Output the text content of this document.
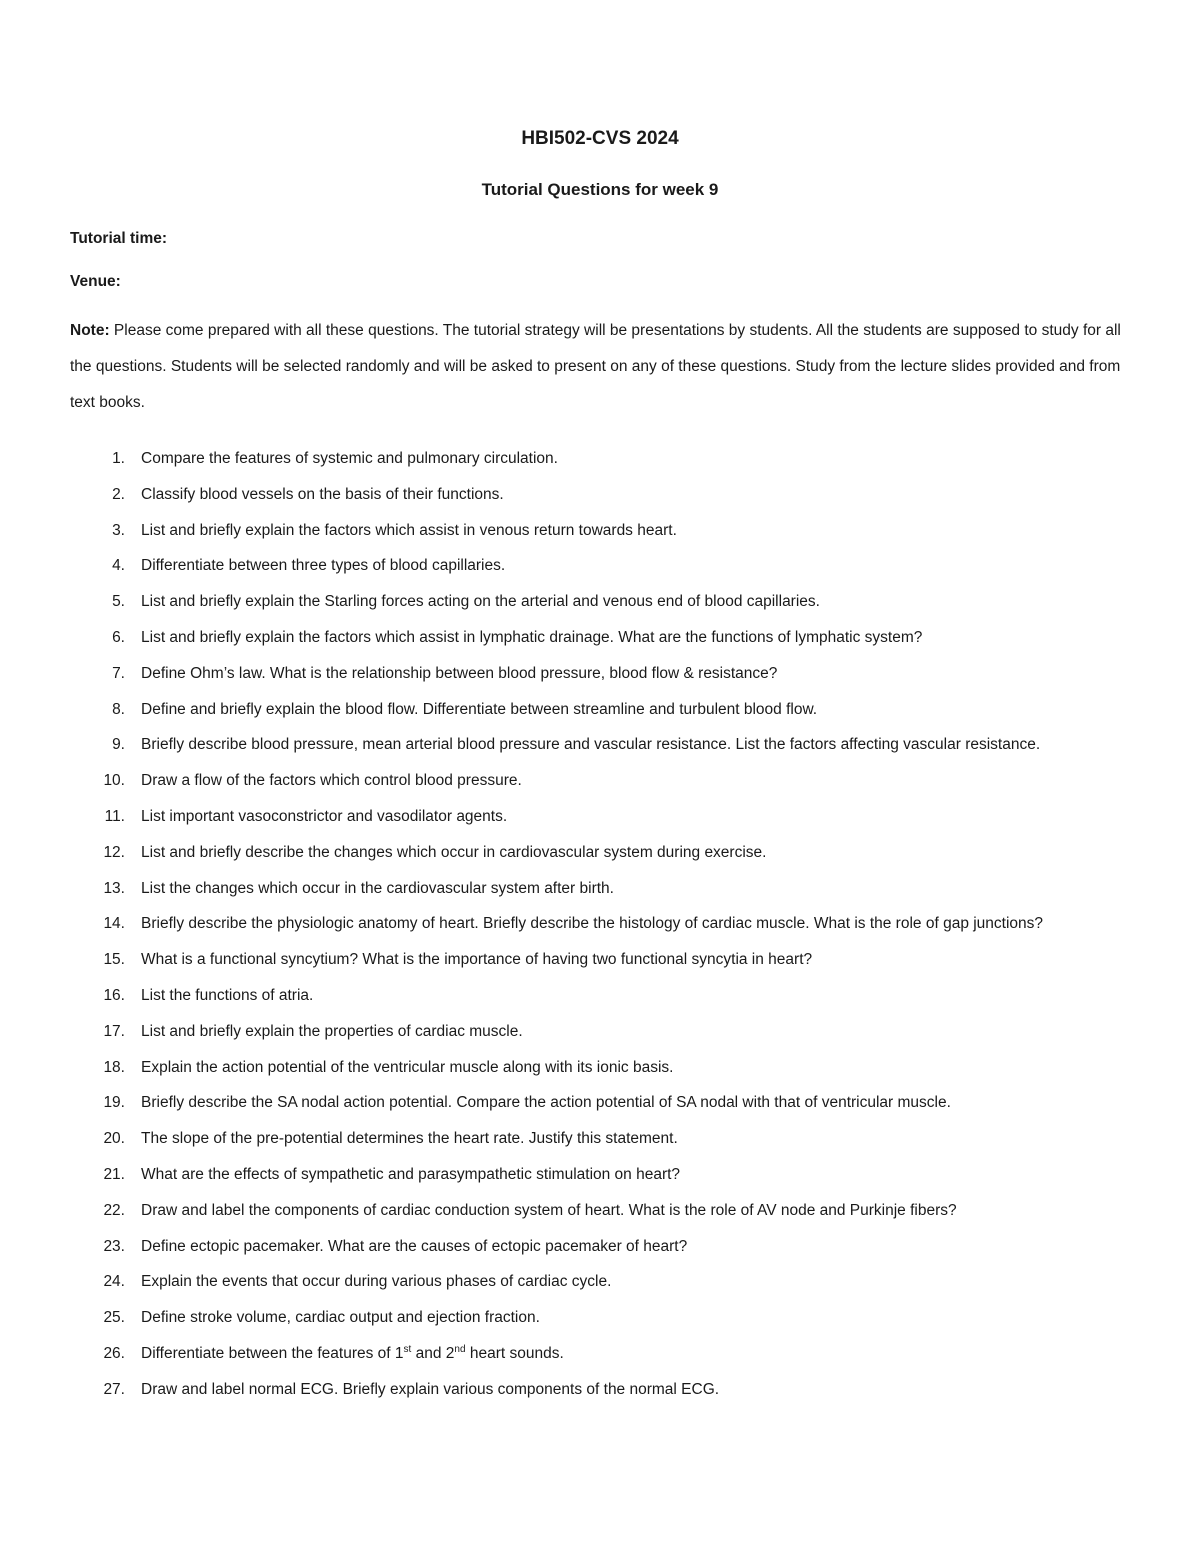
HBI502-CVS 2024
Tutorial Questions for week 9
Tutorial time:
Venue:
Note: Please come prepared with all these questions. The tutorial strategy will be presentations by students. All the students are supposed to study for all the questions. Students will be selected randomly and will be asked to present on any of these questions. Study from the lecture slides provided and from text books.
1. Compare the features of systemic and pulmonary circulation.
2. Classify blood vessels on the basis of their functions.
3. List and briefly explain the factors which assist in venous return towards heart.
4. Differentiate between three types of blood capillaries.
5. List and briefly explain the Starling forces acting on the arterial and venous end of blood capillaries.
6. List and briefly explain the factors which assist in lymphatic drainage. What are the functions of lymphatic system?
7. Define Ohm’s law. What is the relationship between blood pressure, blood flow & resistance?
8. Define and briefly explain the blood flow. Differentiate between streamline and turbulent blood flow.
9. Briefly describe blood pressure, mean arterial blood pressure and vascular resistance. List the factors affecting vascular resistance.
10. Draw a flow of the factors which control blood pressure.
11. List important vasoconstrictor and vasodilator agents.
12. List and briefly describe the changes which occur in cardiovascular system during exercise.
13. List the changes which occur in the cardiovascular system after birth.
14. Briefly describe the physiologic anatomy of heart. Briefly describe the histology of cardiac muscle. What is the role of gap junctions?
15. What is a functional syncytium? What is the importance of having two functional syncytia in heart?
16. List the functions of atria.
17. List and briefly explain the properties of cardiac muscle.
18. Explain the action potential of the ventricular muscle along with its ionic basis.
19. Briefly describe the SA nodal action potential. Compare the action potential of SA nodal with that of ventricular muscle.
20. The slope of the pre-potential determines the heart rate. Justify this statement.
21. What are the effects of sympathetic and parasympathetic stimulation on heart?
22. Draw and label the components of cardiac conduction system of heart. What is the role of AV node and Purkinje fibers?
23. Define ectopic pacemaker. What are the causes of ectopic pacemaker of heart?
24. Explain the events that occur during various phases of cardiac cycle.
25. Define stroke volume, cardiac output and ejection fraction.
26. Differentiate between the features of 1st and 2nd heart sounds.
27. Draw and label normal ECG. Briefly explain various components of the normal ECG.
